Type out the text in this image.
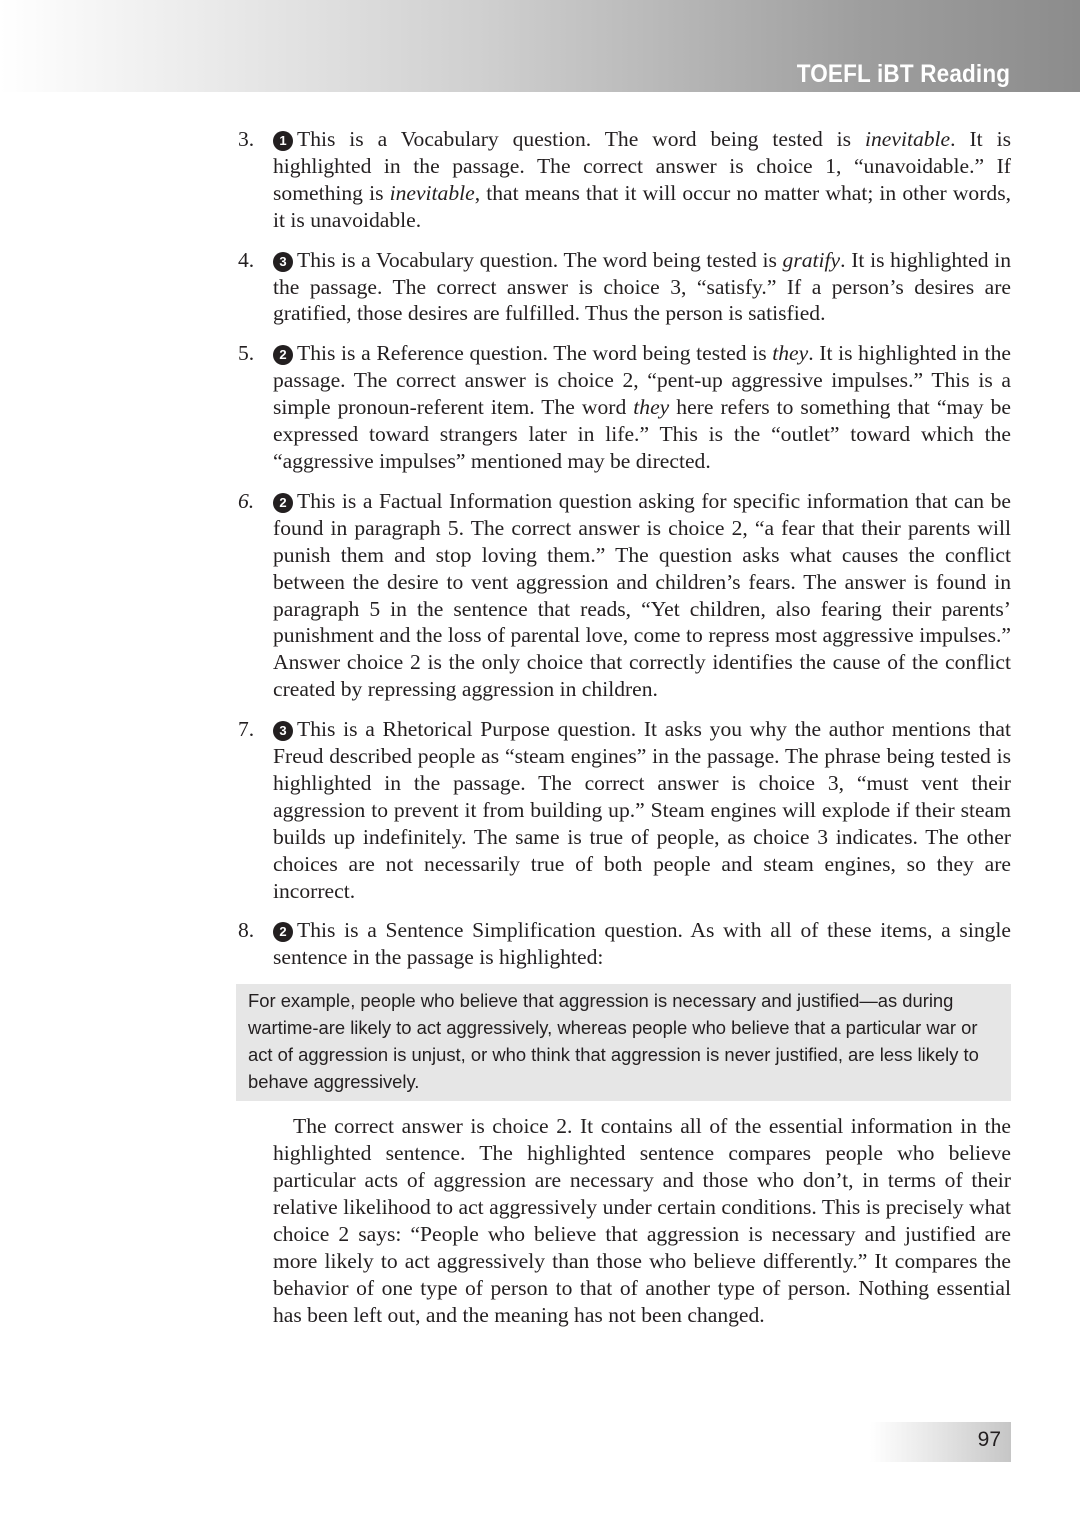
TOEFL iBT Reading
3. 1 This is a Vocabulary question. The word being tested is inevitable. It is highlighted in the passage. The correct answer is choice 1, “unavoidable.” If something is inevitable, that means that it will occur no matter what; in other words, it is unavoidable.
4. 3 This is a Vocabulary question. The word being tested is gratify. It is highlighted in the passage. The correct answer is choice 3, “satisfy.” If a person’s desires are gratified, those desires are fulfilled. Thus the person is satisfied.
5. 2 This is a Reference question. The word being tested is they. It is highlighted in the passage. The correct answer is choice 2, “pent-up aggressive impulses.” This is a simple pronoun-referent item. The word they here refers to something that “may be expressed toward strangers later in life.” This is the “outlet” toward which the “aggressive impulses” mentioned may be directed.
6. 2 This is a Factual Information question asking for specific information that can be found in paragraph 5. The correct answer is choice 2, “a fear that their parents will punish them and stop loving them.” The question asks what causes the conflict between the desire to vent aggression and children’s fears. The answer is found in paragraph 5 in the sentence that reads, “Yet children, also fearing their parents’ punishment and the loss of parental love, come to repress most aggressive impulses.” Answer choice 2 is the only choice that correctly identifies the cause of the conflict created by repressing aggression in children.
7. 3 This is a Rhetorical Purpose question. It asks you why the author mentions that Freud described people as “steam engines” in the passage. The phrase being tested is highlighted in the passage. The correct answer is choice 3, “must vent their aggression to prevent it from building up.” Steam engines will explode if their steam builds up indefinitely. The same is true of people, as choice 3 indicates. The other choices are not necessarily true of both people and steam engines, so they are incorrect.
8. 2 This is a Sentence Simplification question. As with all of these items, a single sentence in the passage is highlighted:
For example, people who believe that aggression is necessary and justified—as during wartime-are likely to act aggressively, whereas people who believe that a particular war or act of aggression is unjust, or who think that aggression is never justified, are less likely to behave aggressively.
The correct answer is choice 2. It contains all of the essential information in the highlighted sentence. The highlighted sentence compares people who believe particular acts of aggression are necessary and those who don’t, in terms of their relative likelihood to act aggressively under certain conditions. This is precisely what choice 2 says: “People who believe that aggression is necessary and justified are more likely to act aggressively than those who believe differently.” It compares the behavior of one type of person to that of another type of person. Nothing essential has been left out, and the meaning has not been changed.
97
